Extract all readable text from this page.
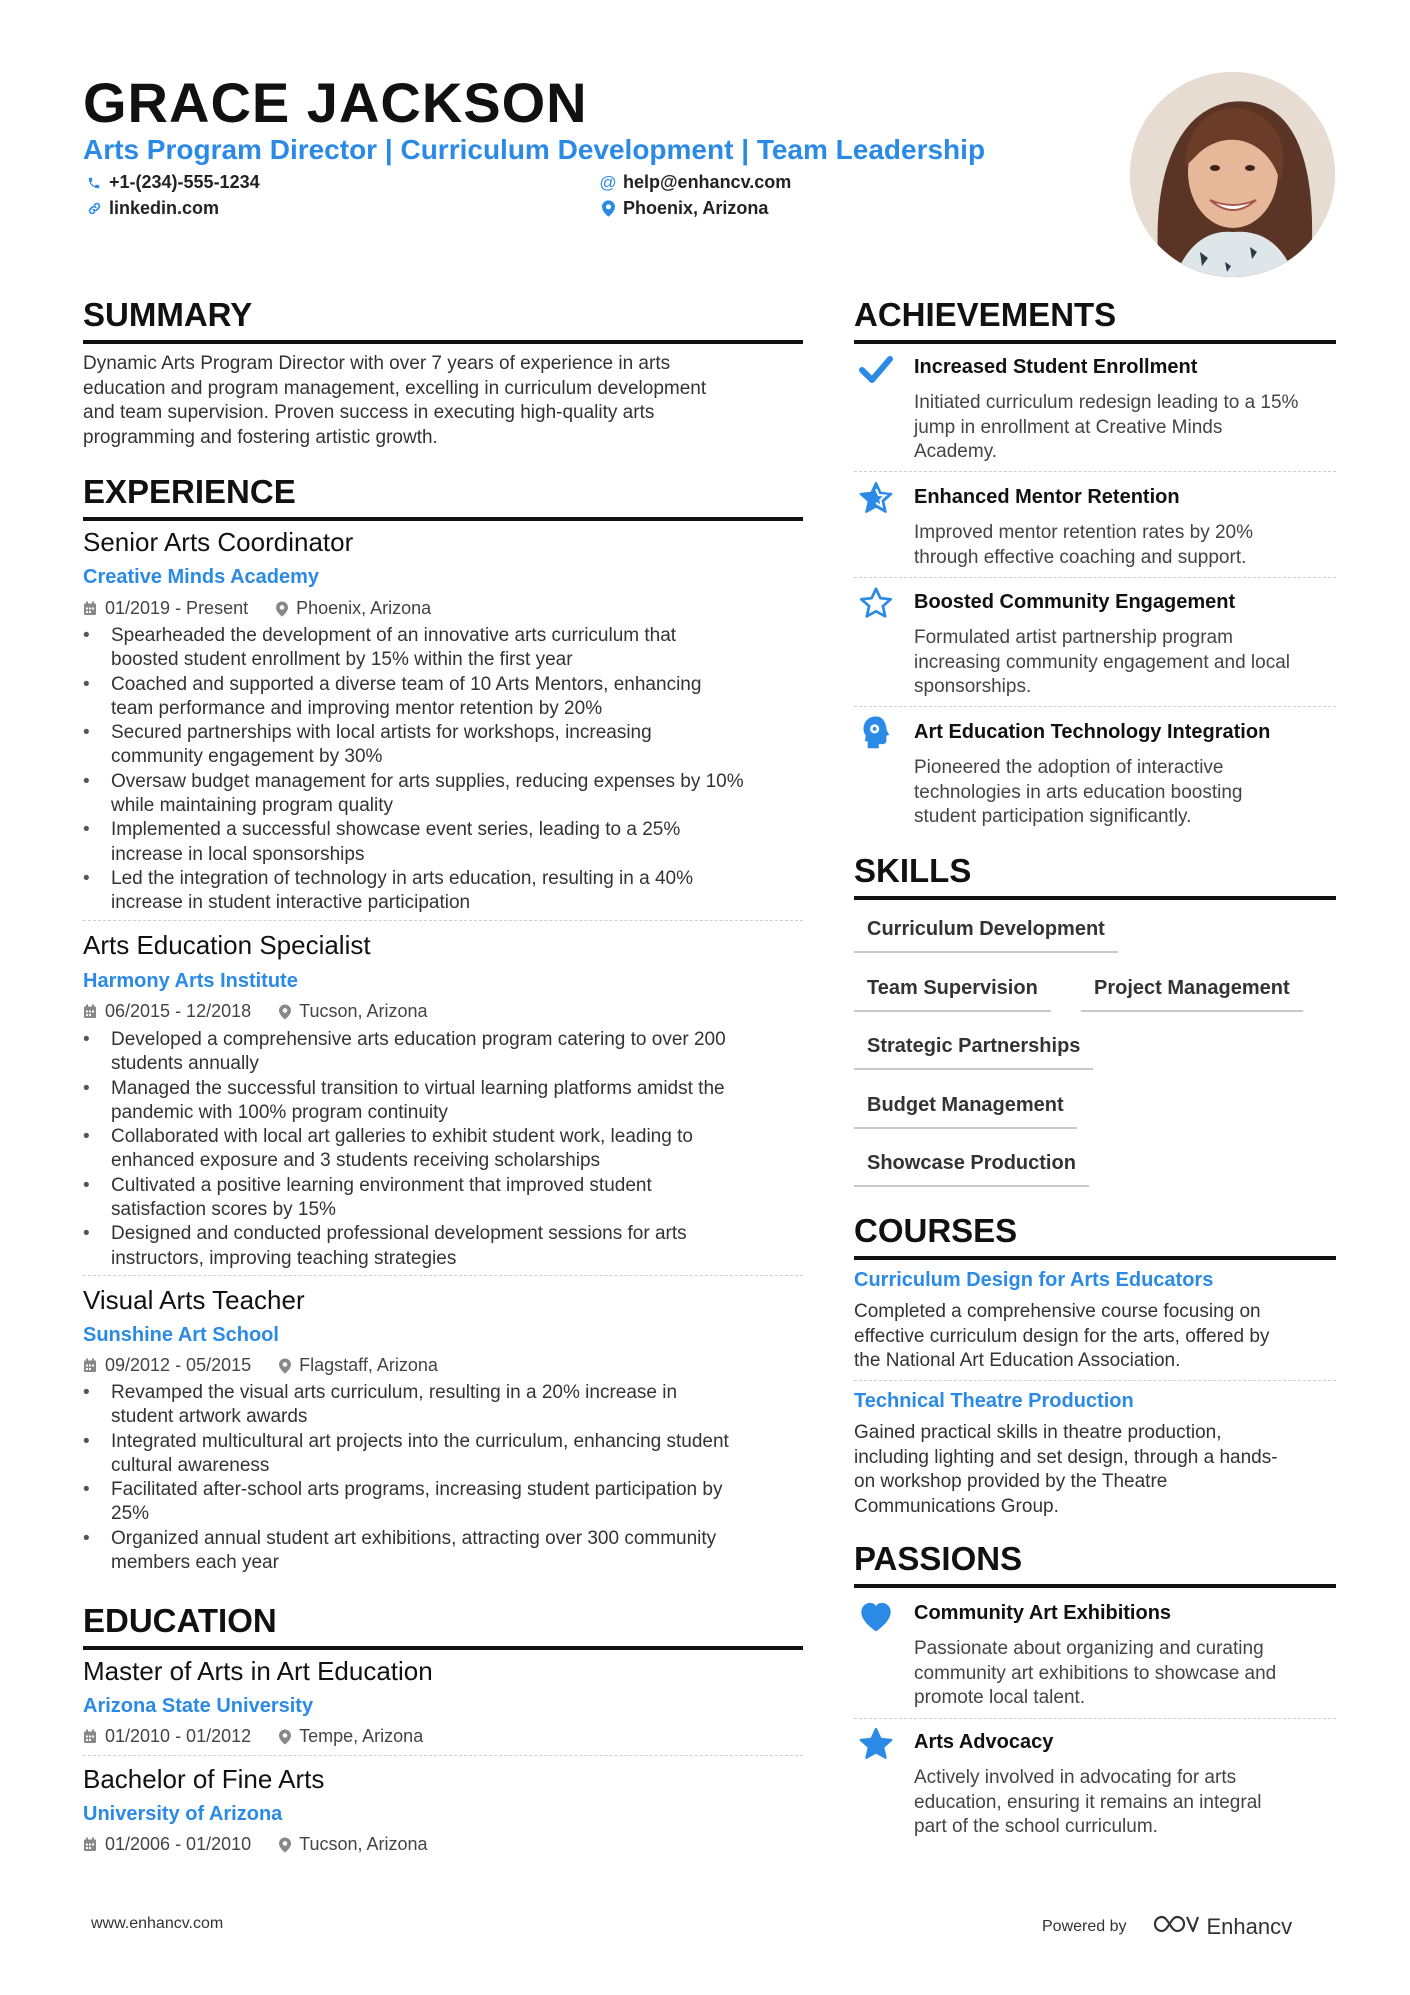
GRACE JACKSON
Arts Program Director | Curriculum Development | Team Leadership
+1-(234)-555-1234
linkedin.com
@ help@enhancv.com
Phoenix, Arizona
SUMMARY
Dynamic Arts Program Director with over 7 years of experience in arts
education and program management, excelling in curriculum development
and team supervision. Proven success in executing high-quality arts
programming and fostering artistic growth.
EXPERIENCE
Senior Arts Coordinator
Creative Minds Academy
01/2019 - Present	Phoenix, Arizona
• Spearheaded the development of an innovative arts curriculum that
boosted student enrollment by 15% within the first year
• Coached and supported a diverse team of 10 Arts Mentors, enhancing
team performance and improving mentor retention by 20%
• Secured partnerships with local artists for workshops, increasing
community engagement by 30%
• Oversaw budget management for arts supplies, reducing expenses by 10%
while maintaining program quality
• Implemented a successful showcase event series, leading to a 25%
increase in local sponsorships
• Led the integration of technology in arts education, resulting in a 40%
increase in student interactive participation
Arts Education Specialist
Harmony Arts Institute
06/2015 - 12/2018	Tucson, Arizona
• Developed a comprehensive arts education program catering to over 200
students annually
• Managed the successful transition to virtual learning platforms amidst the
pandemic with 100% program continuity
• Collaborated with local art galleries to exhibit student work, leading to
enhanced exposure and 3 students receiving scholarships
• Cultivated a positive learning environment that improved student
satisfaction scores by 15%
• Designed and conducted professional development sessions for arts
instructors, improving teaching strategies
Visual Arts Teacher
Sunshine Art School
09/2012 - 05/2015	Flagstaff, Arizona
• Revamped the visual arts curriculum, resulting in a 20% increase in
student artwork awards
• Integrated multicultural art projects into the curriculum, enhancing student
cultural awareness
• Facilitated after-school arts programs, increasing student participation by
25%
• Organized annual student art exhibitions, attracting over 300 community
members each year
EDUCATION
Master of Arts in Art Education
Arizona State University
01/2010 - 01/2012	Tempe, Arizona
Bachelor of Fine Arts
University of Arizona
01/2006 - 01/2010	Tucson, Arizona
ACHIEVEMENTS
Increased Student Enrollment
Initiated curriculum redesign leading to a 15%
jump in enrollment at Creative Minds
Academy.
Enhanced Mentor Retention
Improved mentor retention rates by 20%
through effective coaching and support.
Boosted Community Engagement
Formulated artist partnership program
increasing community engagement and local
sponsorships.
Art Education Technology Integration
Pioneered the adoption of interactive
technologies in arts education boosting
student participation significantly.
SKILLS
Curriculum Development
Team Supervision	Project Management
Strategic Partnerships
Budget Management
Showcase Production
COURSES
Curriculum Design for Arts Educators
Completed a comprehensive course focusing on
effective curriculum design for the arts, offered by
the National Art Education Association.
Technical Theatre Production
Gained practical skills in theatre production,
including lighting and set design, through a hands-
on workshop provided by the Theatre
Communications Group.
PASSIONS
Community Art Exhibitions
Passionate about organizing and curating
community art exhibitions to showcase and
promote local talent.
Arts Advocacy
Actively involved in advocating for arts
education, ensuring it remains an integral
part of the school curriculum.
www.enhancv.com	Powered by	Enhancv
